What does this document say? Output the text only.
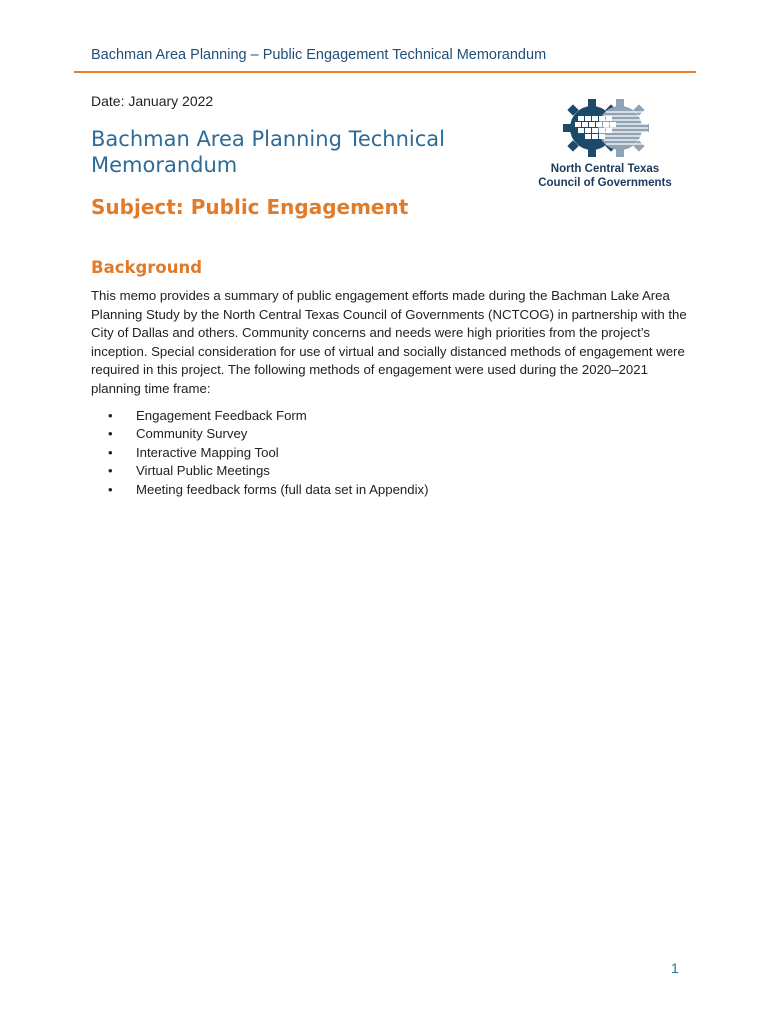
Bachman Area Planning – Public Engagement Technical Memorandum
Date: January 2022
Bachman Area Planning Technical Memorandum
Subject: Public Engagement
North Central Texas
Council of Governments
Background

This memo provides a summary of public engagement efforts made during the Bachman Lake Area Planning Study by the North Central Texas Council of Governments (NCTCOG) in partnership with the City of Dallas and others. Community concerns and needs were high priorities from the project’s inception. Special consideration for use of virtual and socially distanced methods of engagement were required in this project. The following methods of engagement were used during the 2020–2021 planning time frame:

• Engagement Feedback Form
• Community Survey
• Interactive Mapping Tool
• Virtual Public Meetings
• Meeting feedback forms (full data set in Appendix)
1
